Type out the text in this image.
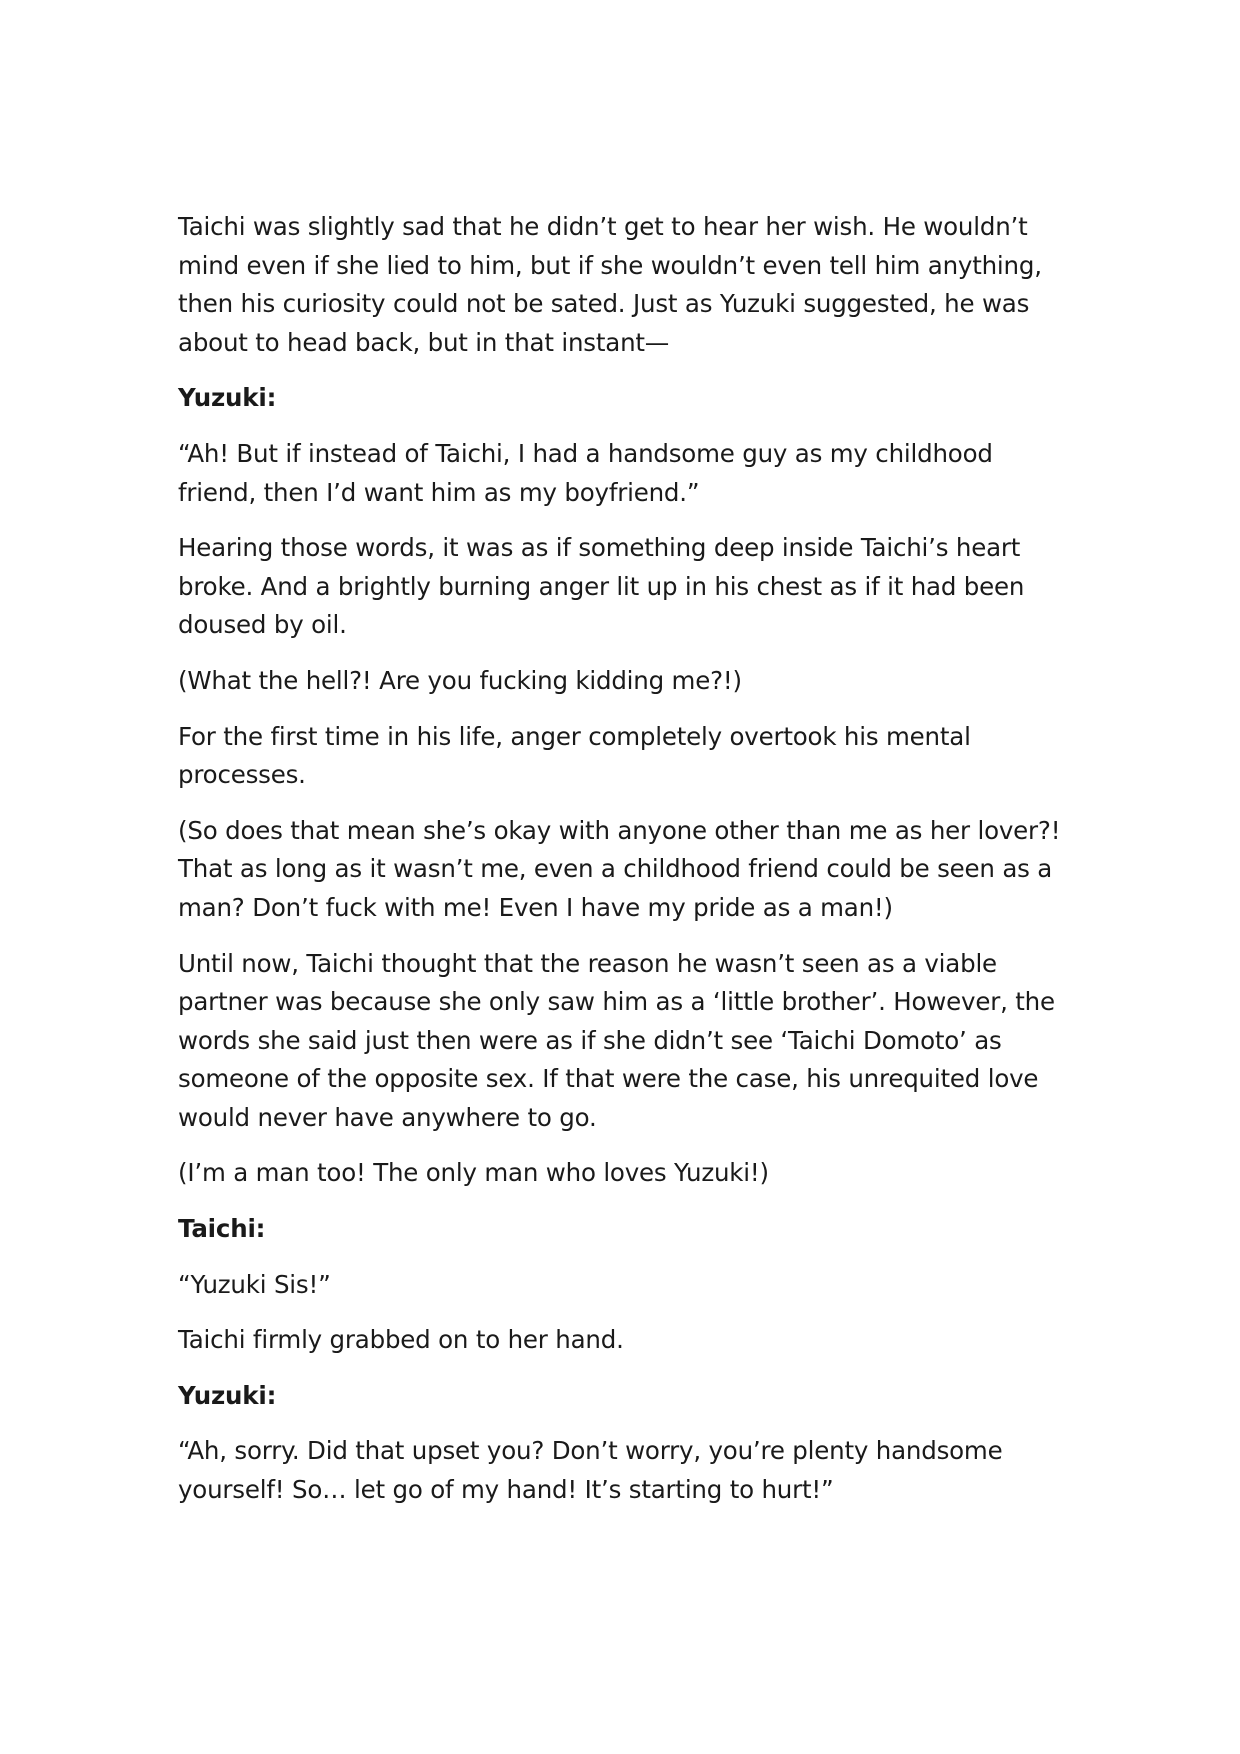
Taichi was slightly sad that he didn’t get to hear her wish. He wouldn’t mind even if she lied to him, but if she wouldn’t even tell him anything, then his curiosity could not be sated. Just as Yuzuki suggested, he was about to head back, but in that instant—

Yuzuki:

“Ah! But if instead of Taichi, I had a handsome guy as my childhood friend, then I’d want him as my boyfriend.”

Hearing those words, it was as if something deep inside Taichi’s heart broke. And a brightly burning anger lit up in his chest as if it had been doused by oil.

(What the hell?! Are you fucking kidding me?!)

For the first time in his life, anger completely overtook his mental processes.

(So does that mean she’s okay with anyone other than me as her lover?! That as long as it wasn’t me, even a childhood friend could be seen as a man? Don’t fuck with me! Even I have my pride as a man!)

Until now, Taichi thought that the reason he wasn’t seen as a viable partner was because she only saw him as a ‘little brother’. However, the words she said just then were as if she didn’t see ‘Taichi Domoto’ as someone of the opposite sex. If that were the case, his unrequited love would never have anywhere to go.

(I’m a man too! The only man who loves Yuzuki!)

Taichi:

“Yuzuki Sis!”

Taichi firmly grabbed on to her hand.

Yuzuki:

“Ah, sorry. Did that upset you? Don’t worry, you’re plenty handsome yourself! So… let go of my hand! It’s starting to hurt!”
